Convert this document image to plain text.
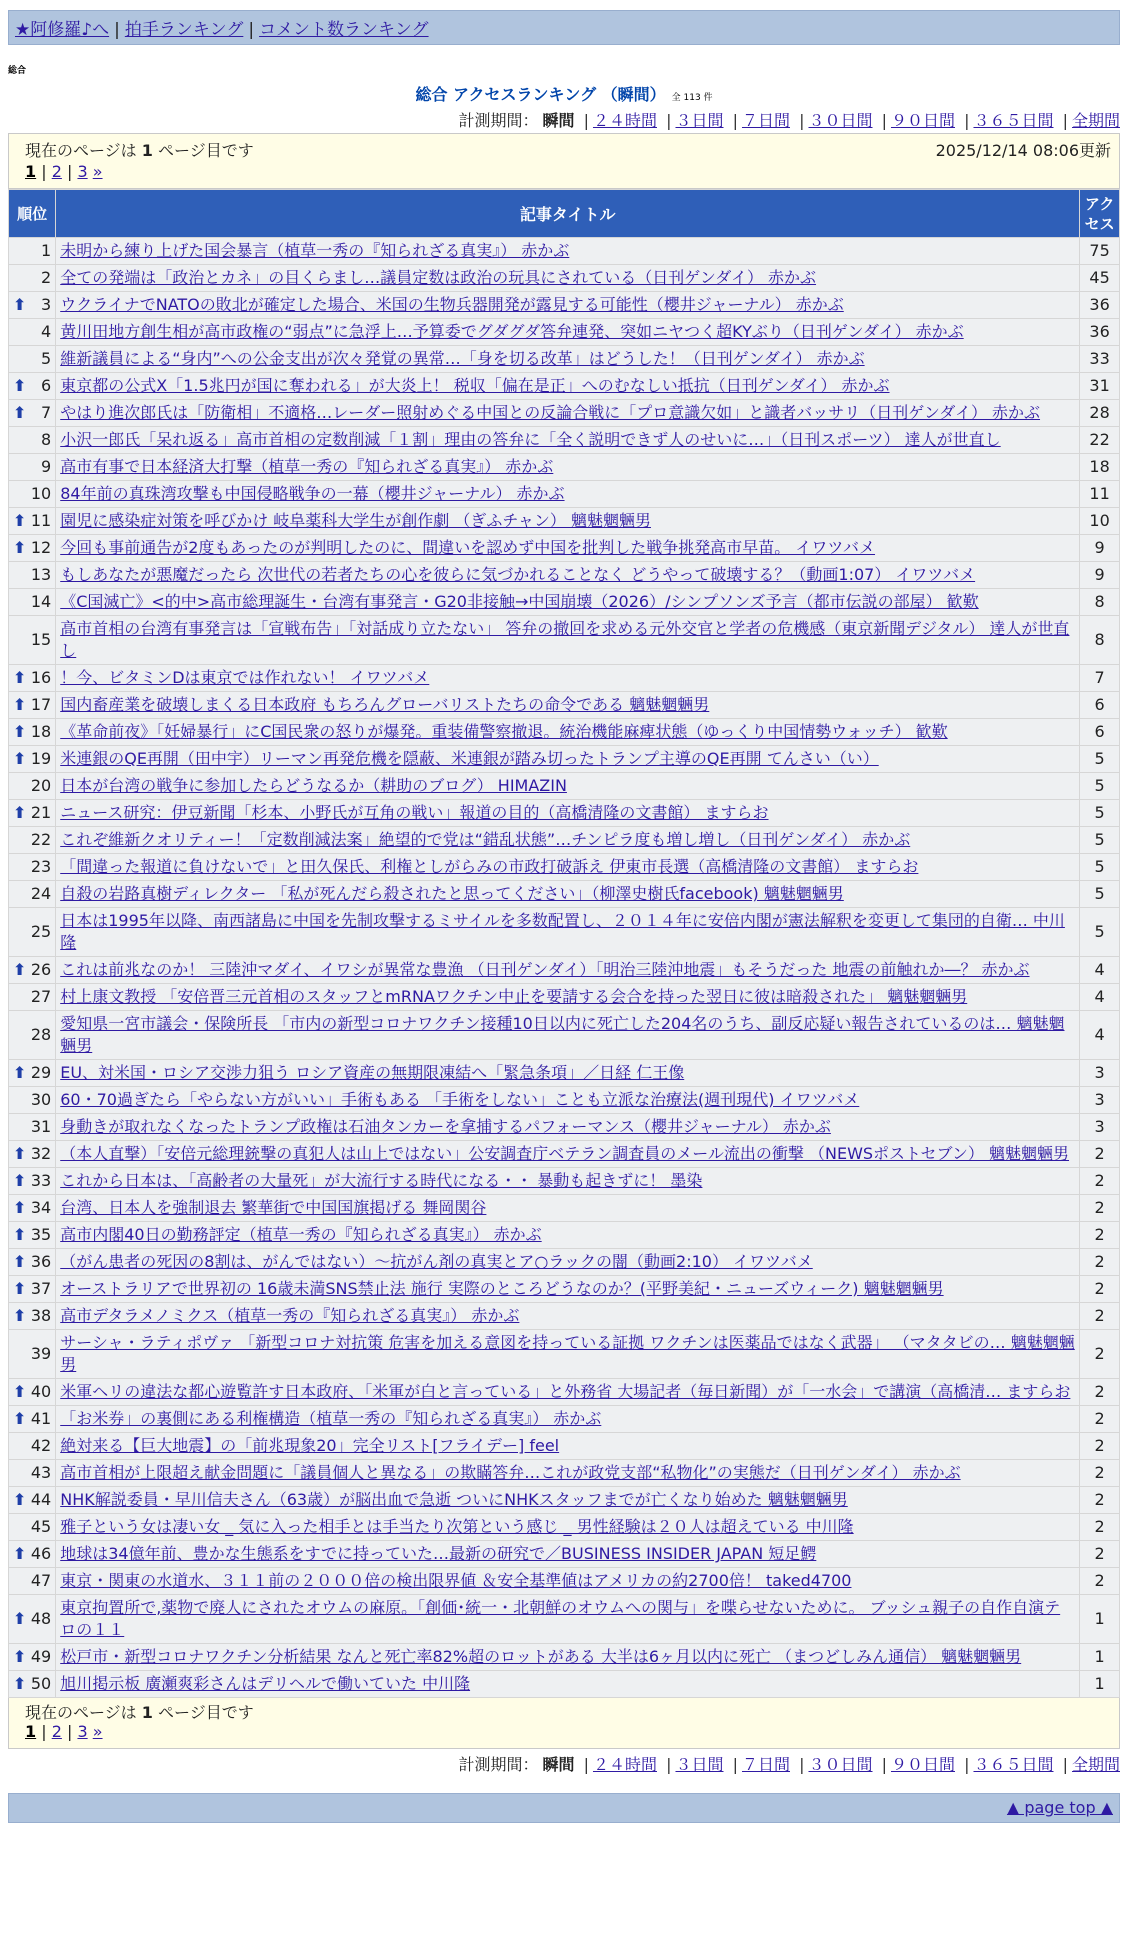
★阿修羅♪へ | 拍手ランキング | コメント数ランキング
総合
総合 アクセスランキング （瞬間） 全 113 件
計測期間： 瞬間 | ２４時間 | ３日間 | ７日間 | ３０日間 | ９０日間 | ３６５日間 | 全期間
現在のページは 1 ページ目です	2025/12/14 08:06更新
1 | 2 | 3 »
順位	記事タイトル	アクセス
1	未明から練り上げた国会暴言（植草一秀の『知られざる真実』） 赤かぶ	75
2	全ての発端は「政治とカネ」の目くらまし…議員定数は政治の玩具にされている（日刊ゲンダイ） 赤かぶ	45

⬆ 3	ウクライナでNATOの敗北が確定した場合、米国の生物兵器開発が露見する可能性（櫻井ジャーナル） 赤かぶ	36
4	黄川田地方創生相が高市政権の“弱点”に急浮上…予算委でグダグダ答弁連発、突如ニヤつく超KYぶり（日刊ゲンダイ） 赤かぶ	36
5	維新議員による“身内”への公金支出が次々発覚の異常…「身を切る改革」はどうした！（日刊ゲンダイ） 赤かぶ	33

⬆ 6	東京都の公式X「1.5兆円が国に奪われる」が大炎上！ 税収「偏在是正」へのむなしい抵抗（日刊ゲンダイ） 赤かぶ	31

⬆ 7	やはり進次郎氏は「防衛相」不適格…レーダー照射めぐる中国との反論合戦に「プロ意識欠如」と識者バッサリ（日刊ゲンダイ） 赤かぶ	28
8	小沢一郎氏「呆れ返る」高市首相の定数削減「１割」理由の答弁に「全く説明できず人のせいに…」（日刊スポーツ） 達人が世直し	22
9	高市有事で日本経済大打撃（植草一秀の『知られざる真実』） 赤かぶ	18
10	84年前の真珠湾攻撃も中国侵略戦争の一幕（櫻井ジャーナル） 赤かぶ	11

⬆ 11	園児に感染症対策を呼びかけ 岐阜薬科大学生が創作劇 （ぎふチャン） 魑魅魍魎男	10

⬆ 12	今回も事前通告が2度もあったのが判明したのに、間違いを認めず中国を批判した戦争挑発高市早苗。 イワツバメ	9
13	もしあなたが悪魔だったら 次世代の若者たちの心を彼らに気づかれることなく どうやって破壊する？（動画1:07） イワツバメ	9
14	《C国滅亡》<的中>高市総理誕生・台湾有事発言・G20非接触→中国崩壊（2026）/シンプソンズ予言（都市伝説の部屋） 歓歎	8
15	高市首相の台湾有事発言は「宣戦布告」「対話成り立たない」 答弁の撤回を求める元外交官と学者の危機感（東京新聞デジタル） 達人が世直し	8

⬆ 16	！今、ビタミンDは東京では作れない！ イワツバメ	7

⬆ 17	国内畜産業を破壊しまくる日本政府 もちろんグローバリストたちの命令である 魑魅魍魎男	6

⬆ 18	《革命前夜》「妊婦暴行」にC国民衆の怒りが爆発。重装備警察撤退。統治機能麻痺状態（ゆっくり中国情勢ウォッチ） 歓歎	6

⬆ 19	米連銀のQE再開（田中宇）リーマン再発危機を隠蔽、米連銀が踏み切ったトランプ主導のQE再開 てんさい（い）	5
20	日本が台湾の戦争に参加したらどうなるか（耕助のブログ） HIMAZIN	5

⬆ 21	ニュース研究：伊豆新聞「杉本、小野氏が互角の戦い」報道の目的（高橋清隆の文書館） ますらお	5
22	これぞ維新クオリティー！「定数削減法案」絶望的で党は“錯乱状態”…チンピラ度も増し増し（日刊ゲンダイ） 赤かぶ	5
23	「間違った報道に負けないで」と田久保氏、利権としがらみの市政打破訴え 伊東市長選（高橋清隆の文書館） ますらお	5
24	自殺の岩路真樹ディレクター 「私が死んだら殺されたと思ってください」（柳澤史樹氏facebook) 魑魅魍魎男	5
25	日本は1995年以降、南西諸島に中国を先制攻撃するミサイルを多数配置し、２０１４年に安倍内閣が憲法解釈を変更して集団的自衛… 中川隆	5

⬆ 26	これは前兆なのか！ 三陸沖マダイ、イワシが異常な豊漁 （日刊ゲンダイ）「明治三陸沖地震」もそうだった 地震の前触れか―？ 赤かぶ	4
27	村上康文教授 「安倍晋三元首相のスタッフとmRNAワクチン中止を要請する会合を持った翌日に彼は暗殺された」 魑魅魍魎男	4
28	愛知県一宮市議会・保険所長 「市内の新型コロナワクチン接種10日以内に死亡した204名のうち、副反応疑い報告されているのは… 魑魅魍魎男	4

⬆ 29	EU、対米国・ロシア交渉力狙う ロシア資産の無期限凍結へ「緊急条項」／日経 仁王像	3
30	60・70過ぎたら「やらない方がいい」手術もある 「手術をしない」ことも立派な治療法(週刊現代) イワツバメ	3
31	身動きが取れなくなったトランプ政権は石油タンカーを拿捕するパフォーマンス（櫻井ジャーナル） 赤かぶ	3

⬆ 32	（本人直撃）「安倍元総理銃撃の真犯人は山上ではない」公安調査庁ベテラン調査員のメール流出の衝撃 （NEWSポストセブン） 魑魅魍魎男	2

⬆ 33	これから日本は、「高齢者の大量死」が大流行する時代になる・・ 暴動も起きずに！ 墨染	2

⬆ 34	台湾、日本人を強制退去 繁華街で中国国旗掲げる 舞岡関谷	2

⬆ 35	高市内閣40日の勤務評定（植草一秀の『知られざる真実』） 赤かぶ	2

⬆ 36	（がん患者の死因の8割は、がんではない）～抗がん剤の真実とア○ラックの闇（動画2:10） イワツバメ	2

⬆ 37	オーストラリアで世界初の 16歳未満SNS禁止法 施行 実際のところどうなのか？(平野美紀・ニューズウィーク) 魑魅魍魎男	2

⬆ 38	高市デタラメノミクス（植草一秀の『知られざる真実』） 赤かぶ	2
39	サーシャ・ラティポヴァ 「新型コロナ対抗策 危害を加える意図を持っている証拠 ワクチンは医薬品ではなく武器」 （マタタビの… 魑魅魍魎男	2

⬆ 40	米軍ヘリの違法な都心遊覧許す日本政府、「米軍が白と言っている」と外務省 大場記者（毎日新聞）が「一水会」で講演（高橋清… ますらお	2

⬆ 41	「お米券」の裏側にある利権構造（植草一秀の『知られざる真実』） 赤かぶ	2
42	絶対来る【巨大地震】の「前兆現象20」完全リスト[フライデー] feel	2
43	高市首相が上限超え献金問題に「議員個人と異なる」の欺瞞答弁…これが政党支部“私物化”の実態だ（日刊ゲンダイ） 赤かぶ	2

⬆ 44	NHK解説委員・早川信夫さん（63歳）が脳出血で急逝 ついにNHKスタッフまでが亡くなり始めた 魑魅魍魎男	2
45	雅子という女は凄い女 _ 気に入った相手とは手当たり次第という感じ _ 男性経験は２０人は超えている 中川隆	2

⬆ 46	地球は34億年前、豊かな生態系をすでに持っていた…最新の研究で／BUSINESS INSIDER JAPAN 短足鰐	2
47	東京・関東の水道水、３１１前の２０００倍の検出限界値 ＆安全基準値はアメリカの約2700倍！ taked4700	2

⬆ 48	東京拘置所で,薬物で廃人にされたオウムの麻原。「創価･統一・北朝鮮のオウムへの関与」を喋らせないために。 ブッシュ親子の自作自演テロの１１	1

⬆ 49	松戸市・新型コロナワクチン分析結果 なんと死亡率82%超のロットがある 大半は6ヶ月以内に死亡 （まつどしみん通信） 魑魅魍魎男	1

⬆ 50	旭川掲示板 廣瀬爽彩さんはデリヘルで働いていた 中川隆	1
現在のページは 1 ページ目です
1 | 2 | 3 »
計測期間： 瞬間 | ２４時間 | ３日間 | ７日間 | ３０日間 | ９０日間 | ３６５日間 | 全期間
▲ page top ▲
